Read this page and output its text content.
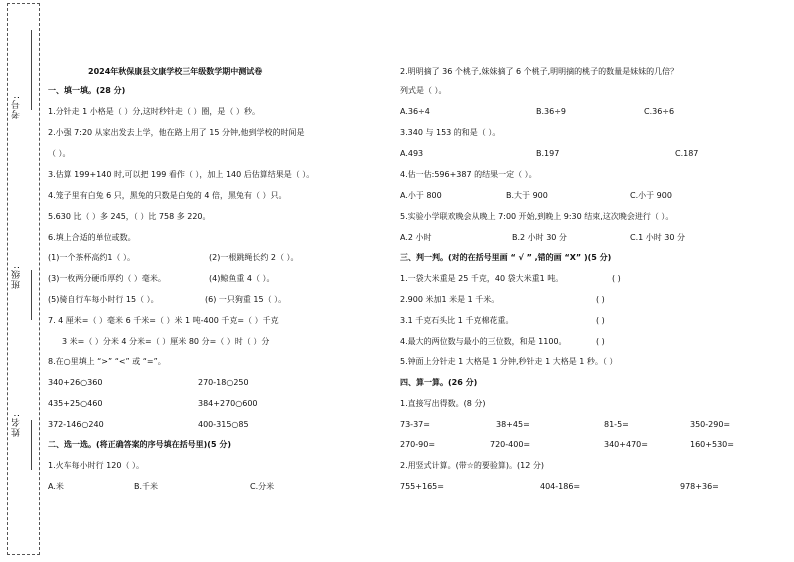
考号:
班级:
姓名:
2024年秋保康县文康学校三年级数学期中测试卷
一、填一填。(28 分)
1.分针走 1 小格是（ ）分,这时秒针走（ ）圈，是（ ）秒。
2.小强 7:20 从家出发去上学，他在路上用了 15 分钟,他到学校的时间是
（ ）。
3.估算 199+140 时,可以把 199 看作（ ），加上 140 后估算结果是（ ）。
4.笼子里有白兔 6 只，黑兔的只数是白兔的 4 倍，黑兔有（ ）只。
5.630 比（ ）多 245，（ ）比 758 多 220。
6.填上合适的单位或数。
(1)一个茶杯高约1（ ）。	(2)一根跳绳长约 2（ ）。
(3)一枚两分硬币厚约（ ）毫米。	(4)鲸鱼重 4（ ）。
(5)骑自行车每小时行 15（ ）。	(6) 一只狗重 15（ ）。
7. 4 厘米=（ ）毫米 6 千米=（ ）米 1 吨-400 千克=（ ）千克
3 米=（ ）分米 4 分米=（ ）厘米 80 分=（ ）时（ ）分
8.在○里填上 “>” “<” 或 “=”。
340+26○360	270-18○250
435+25○460	384+270○600
372-146○240	400-315○85
二、选一选。(将正确答案的序号填在括号里)(5 分)
1.火车每小时行 120（ ）。
A.米	B.千米	C.分米
2.明明摘了 36 个桃子,妹妹摘了 6 个桃子,明明摘的桃子的数量是妹妹的几倍？
列式是（ ）。
A.36÷4	B.36÷9	C.36÷6
3.340 与 153 的和是（ ）。
A.493	B.197	C.187
4.估一估:596+387 的结果一定（ ）。
A.小于 800	B.大于 900	C.小于 900
5.实验小学联欢晚会从晚上 7:00 开始,到晚上 9:30 结束,这次晚会进行（ ）。
A.2 小时	B.2 小时 30 分	C.1 小时 30 分
三、判一判。(对的在括号里画 “ √ ” ,错的画 “X” )(5 分)
1.一袋大米重是 25 千克，40 袋大米重1 吨。	( )
2.900 米加1 米是 1 千米。	( )
3.1 千克石头比 1 千克棉花重。	( )
4.最大的两位数与最小的三位数，和是 1100。	( )
5.钟面上分针走 1 大格是 1 分钟,秒针走 1 大格是 1 秒。（ ）
四、算一算。(26 分)
1.直接写出得数。(8 分)
73-37=	38+45=	81-5=	350-290=
270-90=	720-400=	340+470=	160+530=
2.用竖式计算。(带☆的要验算)。(12 分)
755+165=	404-186=	978+36=
